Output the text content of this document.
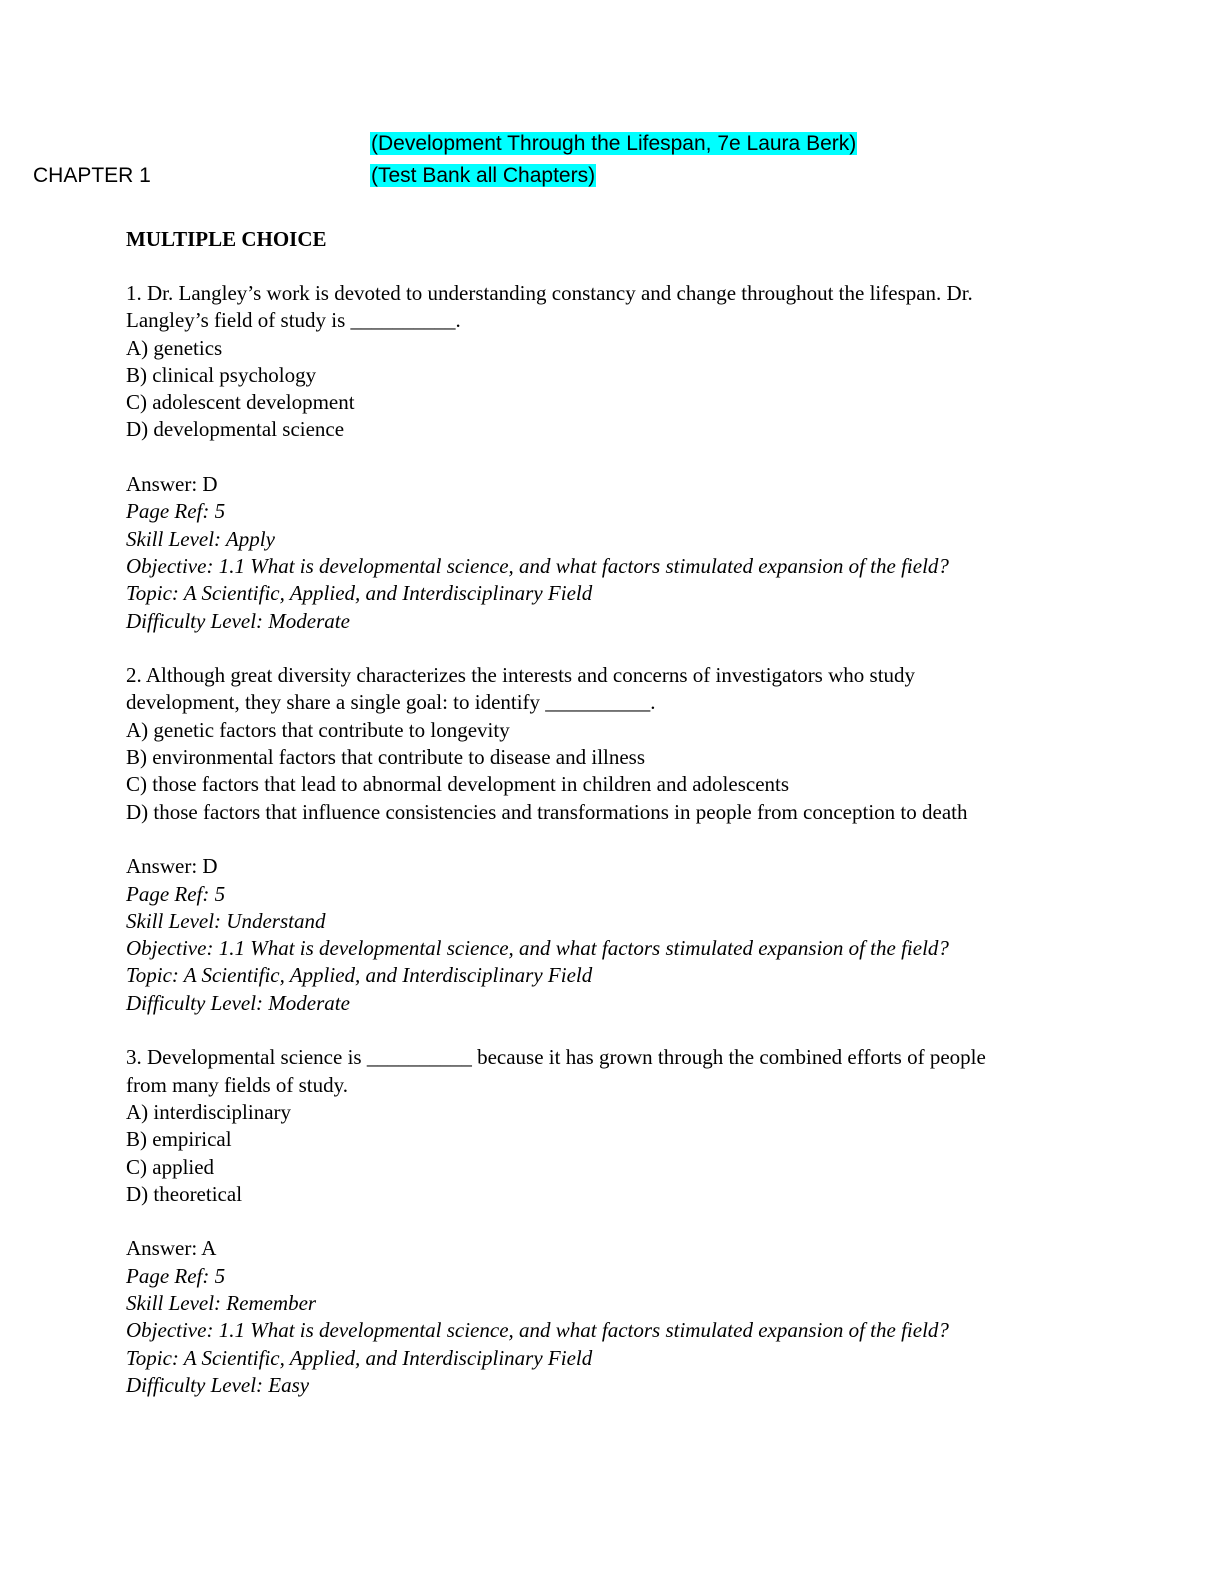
(Development Through the Lifespan, 7e Laura Berk)
CHAPTER 1	(Test Bank all Chapters)
MULTIPLE CHOICE
1. Dr. Langley’s work is devoted to understanding constancy and change throughout the lifespan. Dr.
Langley’s field of study is __________.
A) genetics
B) clinical psychology
C) adolescent development
D) developmental science
Answer: D
Page Ref: 5
Skill Level: Apply
Objective: 1.1 What is developmental science, and what factors stimulated expansion of the field?
Topic: A Scientific, Applied, and Interdisciplinary Field
Difficulty Level: Moderate
2. Although great diversity characterizes the interests and concerns of investigators who study
development, they share a single goal: to identify __________.
A) genetic factors that contribute to longevity
B) environmental factors that contribute to disease and illness
C) those factors that lead to abnormal development in children and adolescents
D) those factors that influence consistencies and transformations in people from conception to death
Answer: D
Page Ref: 5
Skill Level: Understand
Objective: 1.1 What is developmental science, and what factors stimulated expansion of the field?
Topic: A Scientific, Applied, and Interdisciplinary Field
Difficulty Level: Moderate
3. Developmental science is __________ because it has grown through the combined efforts of people
from many fields of study.
A) interdisciplinary
B) empirical
C) applied
D) theoretical
Answer: A
Page Ref: 5
Skill Level: Remember
Objective: 1.1 What is developmental science, and what factors stimulated expansion of the field?
Topic: A Scientific, Applied, and Interdisciplinary Field
Difficulty Level: Easy
